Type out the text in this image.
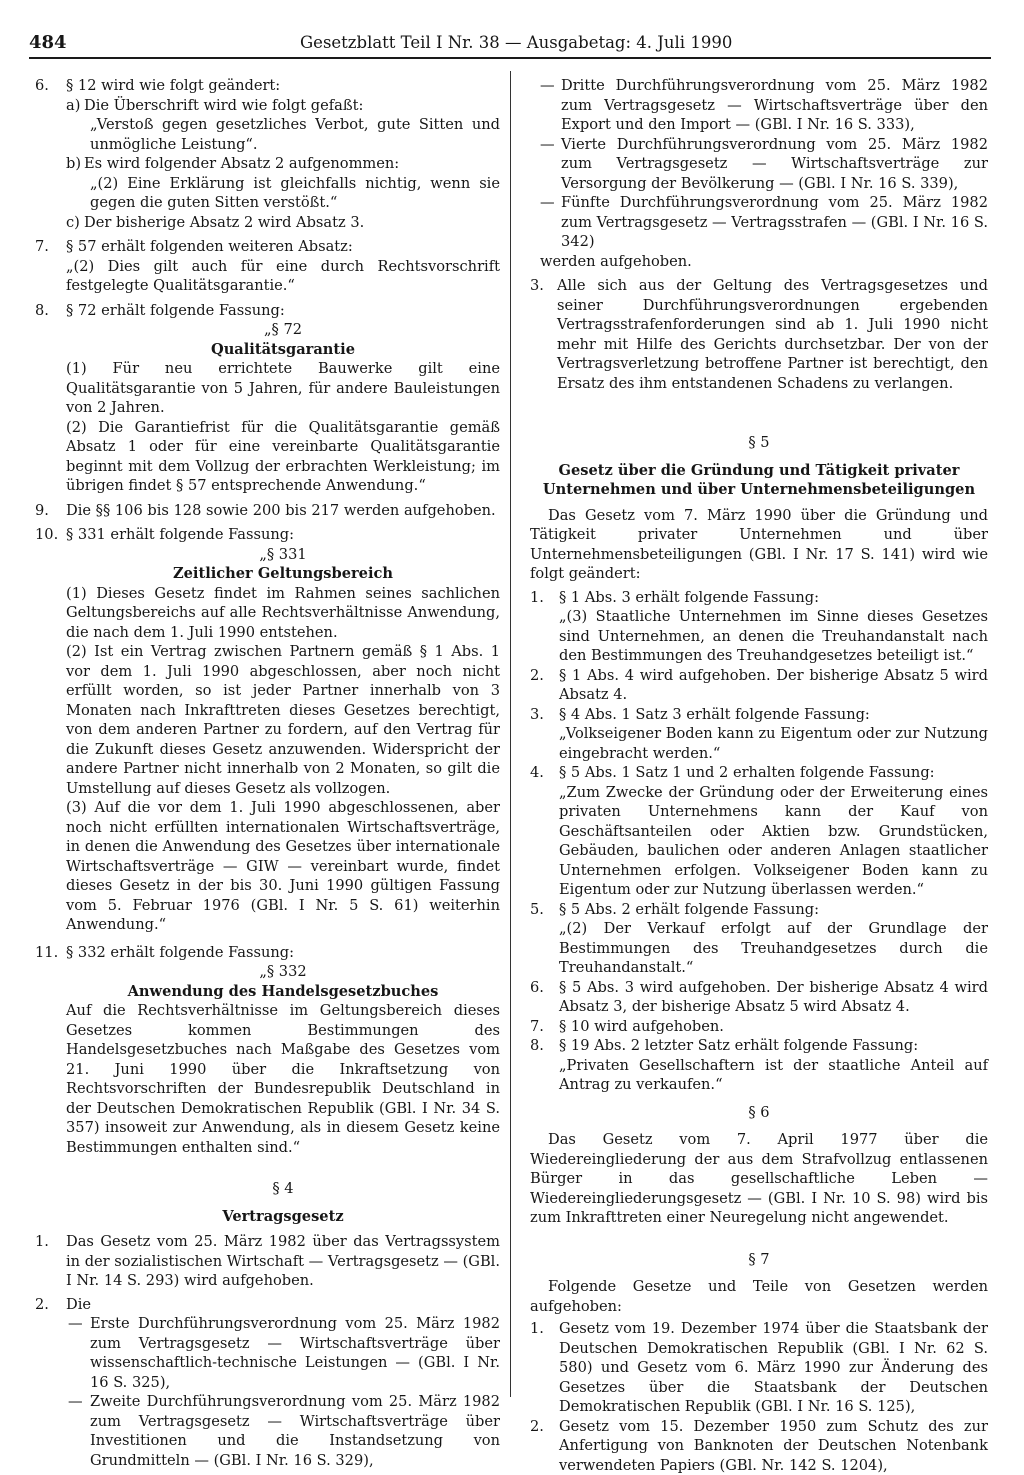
484	Gesetzblatt Teil I Nr. 38 — Ausgabetag: 4. Juli 1990

6. § 12 wird wie folgt geändert:

a) Die Überschrift wird wie folgt gefaßt:

„Verstoß gegen gesetzliches Verbot, gute Sitten und unmögliche Leistung“.

b) Es wird folgender Absatz 2 aufgenommen:

„(2) Eine Erklärung ist gleichfalls nichtig, wenn sie gegen die guten Sitten verstößt.“

c) Der bisherige Absatz 2 wird Absatz 3.

7. § 57 erhält folgenden weiteren Absatz:

„(2) Dies gilt auch für eine durch Rechtsvorschrift festgelegte Qualitätsgarantie.“

8. § 72 erhält folgende Fassung:

„§ 72

Qualitätsgarantie

(1) Für neu errichtete Bauwerke gilt eine Qualitätsgarantie von 5 Jahren, für andere Bauleistungen von 2 Jahren.

(2) Die Garantiefrist für die Qualitätsgarantie gemäß Absatz 1 oder für eine vereinbarte Qualitätsgarantie beginnt mit dem Vollzug der erbrachten Werkleistung; im übrigen findet § 57 entsprechende Anwendung.“

9. Die §§ 106 bis 128 sowie 200 bis 217 werden aufgehoben.

10. § 331 erhält folgende Fassung:

„§ 331

Zeitlicher Geltungsbereich

(1) Dieses Gesetz findet im Rahmen seines sachlichen Geltungsbereichs auf alle Rechtsverhältnisse Anwendung, die nach dem 1. Juli 1990 entstehen.

(2) Ist ein Vertrag zwischen Partnern gemäß § 1 Abs. 1 vor dem 1. Juli 1990 abgeschlossen, aber noch nicht erfüllt worden, so ist jeder Partner innerhalb von 3 Monaten nach Inkrafttreten dieses Gesetzes berechtigt, von dem anderen Partner zu fordern, auf den Vertrag für die Zukunft dieses Gesetz anzuwenden. Widerspricht der andere Partner nicht innerhalb von 2 Monaten, so gilt die Umstellung auf dieses Gesetz als vollzogen.

(3) Auf die vor dem 1. Juli 1990 abgeschlossenen, aber noch nicht erfüllten internationalen Wirtschaftsverträge, in denen die Anwendung des Gesetzes über internationale Wirtschaftsverträge — GIW — vereinbart wurde, findet dieses Gesetz in der bis 30. Juni 1990 gültigen Fassung vom 5. Februar 1976 (GBl. I Nr. 5 S. 61) weiterhin Anwendung.“

11. § 332 erhält folgende Fassung:

„§ 332

Anwendung des Handelsgesetzbuches

Auf die Rechtsverhältnisse im Geltungsbereich dieses Gesetzes kommen Bestimmungen des Handelsgesetzbuches nach Maßgabe des Gesetzes vom 21. Juni 1990 über die Inkraftsetzung von Rechtsvorschriften der Bundesrepublik Deutschland in der Deutschen Demokratischen Republik (GBl. I Nr. 34 S. 357) insoweit zur Anwendung, als in diesem Gesetz keine Bestimmungen enthalten sind.“

§ 4

Vertragsgesetz

1. Das Gesetz vom 25. März 1982 über das Vertragssystem in der sozialistischen Wirtschaft — Vertragsgesetz — (GBl. I Nr. 14 S. 293) wird aufgehoben.

2. Die

— Erste Durchführungsverordnung vom 25. März 1982 zum Vertragsgesetz — Wirtschaftsverträge über wissenschaftlich-technische Leistungen — (GBl. I Nr. 16 S. 325),

— Zweite Durchführungsverordnung vom 25. März 1982 zum Vertragsgesetz — Wirtschaftsverträge über Investitionen und die Instandsetzung von Grundmitteln — (GBl. I Nr. 16 S. 329),

— Dritte Durchführungsverordnung vom 25. März 1982 zum Vertragsgesetz — Wirtschaftsverträge über den Export und den Import — (GBl. I Nr. 16 S. 333),

— Vierte Durchführungsverordnung vom 25. März 1982 zum Vertragsgesetz — Wirtschaftsverträge zur Versorgung der Bevölkerung — (GBl. I Nr. 16 S. 339),

— Fünfte Durchführungsverordnung vom 25. März 1982 zum Vertragsgesetz — Vertragsstrafen — (GBl. I Nr. 16 S. 342)

werden aufgehoben.

3. Alle sich aus der Geltung des Vertragsgesetzes und seiner Durchführungsverordnungen ergebenden Vertragsstrafenforderungen sind ab 1. Juli 1990 nicht mehr mit Hilfe des Gerichts durchsetzbar. Der von der Vertragsverletzung betroffene Partner ist berechtigt, den Ersatz des ihm entstandenen Schadens zu verlangen.

§ 5

Gesetz über die Gründung und Tätigkeit privater Unternehmen und über Unternehmensbeteiligungen

Das Gesetz vom 7. März 1990 über die Gründung und Tätigkeit privater Unternehmen und über Unternehmensbeteiligungen (GBl. I Nr. 17 S. 141) wird wie folgt geändert:

1. § 1 Abs. 3 erhält folgende Fassung:

„(3) Staatliche Unternehmen im Sinne dieses Gesetzes sind Unternehmen, an denen die Treuhandanstalt nach den Bestimmungen des Treuhandgesetzes beteiligt ist.“

2. § 1 Abs. 4 wird aufgehoben. Der bisherige Absatz 5 wird Absatz 4.

3. § 4 Abs. 1 Satz 3 erhält folgende Fassung:

„Volkseigener Boden kann zu Eigentum oder zur Nutzung eingebracht werden.“

4. § 5 Abs. 1 Satz 1 und 2 erhalten folgende Fassung:

„Zum Zwecke der Gründung oder der Erweiterung eines privaten Unternehmens kann der Kauf von Geschäftsanteilen oder Aktien bzw. Grundstücken, Gebäuden, baulichen oder anderen Anlagen staatlicher Unternehmen erfolgen. Volkseigener Boden kann zu Eigentum oder zur Nutzung überlassen werden.“

5. § 5 Abs. 2 erhält folgende Fassung:

„(2) Der Verkauf erfolgt auf der Grundlage der Bestimmungen des Treuhandgesetzes durch die Treuhandanstalt.“

6. § 5 Abs. 3 wird aufgehoben. Der bisherige Absatz 4 wird Absatz 3, der bisherige Absatz 5 wird Absatz 4.

7. § 10 wird aufgehoben.

8. § 19 Abs. 2 letzter Satz erhält folgende Fassung:

„Privaten Gesellschaftern ist der staatliche Anteil auf Antrag zu verkaufen.“

§ 6

Das Gesetz vom 7. April 1977 über die Wiedereingliederung der aus dem Strafvollzug entlassenen Bürger in das gesellschaftliche Leben — Wiedereingliederungsgesetz — (GBl. I Nr. 10 S. 98) wird bis zum Inkrafttreten einer Neuregelung nicht angewendet.

§ 7

Folgende Gesetze und Teile von Gesetzen werden aufgehoben:

1. Gesetz vom 19. Dezember 1974 über die Staatsbank der Deutschen Demokratischen Republik (GBl. I Nr. 62 S. 580) und Gesetz vom 6. März 1990 zur Änderung des Gesetzes über die Staatsbank der Deutschen Demokratischen Republik (GBl. I Nr. 16 S. 125),

2. Gesetz vom 15. Dezember 1950 zum Schutz des zur Anfertigung von Banknoten der Deutschen Notenbank verwendeten Papiers (GBl. Nr. 142 S. 1204),
